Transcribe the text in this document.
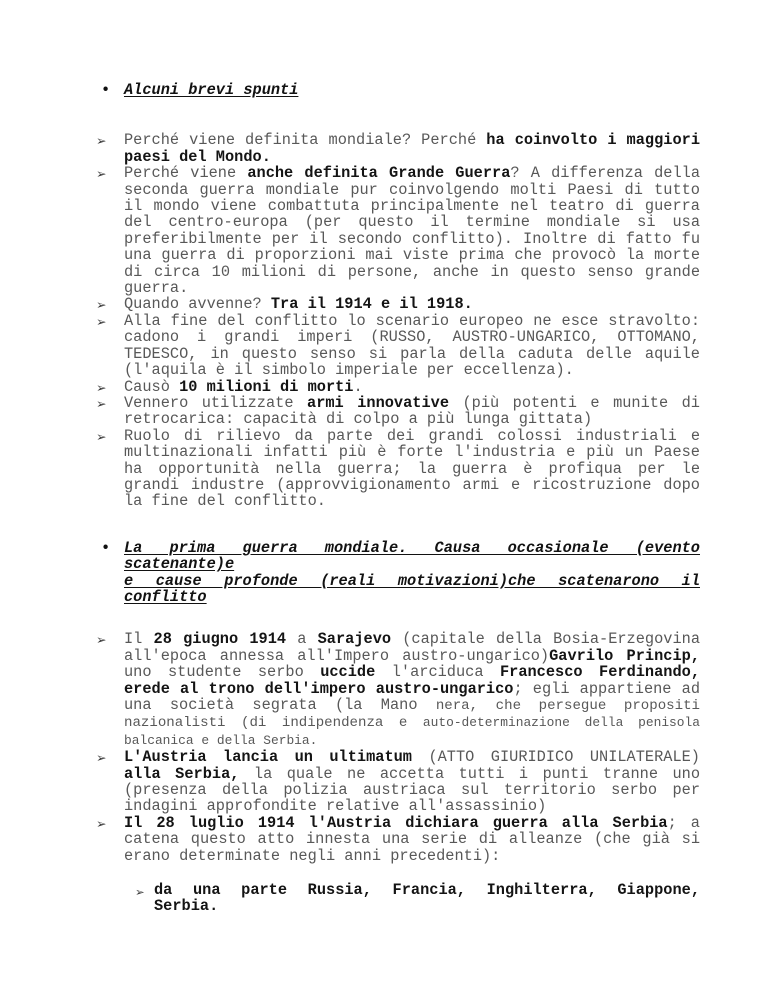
• Alcuni brevi spunti
➢ Perché viene definita mondiale? Perché ha coinvolto i maggiori paesi del Mondo.
➢ Perché viene anche definita Grande Guerra? A differenza della seconda guerra mondiale pur coinvolgendo molti Paesi di tutto il mondo viene combattuta principalmente nel teatro di guerra del centro-europa (per questo il termine mondiale si usa preferibilmente per il secondo conflitto). Inoltre di fatto fu una guerra di proporzioni mai viste prima che provocò la morte di circa 10 milioni di persone, anche in questo senso grande guerra.
➢ Quando avvenne? Tra il 1914 e il 1918.
➢ Alla fine del conflitto lo scenario europeo ne esce stravolto: cadono i grandi imperi (RUSSO, AUSTRO-UNGARICO, OTTOMANO, TEDESCO, in questo senso si parla della caduta delle aquile (l'aquila è il simbolo imperiale per eccellenza).
➢ Causò 10 milioni di morti.
➢ Vennero utilizzate armi innovative (più potenti e munite di retrocarica: capacità di colpo a più lunga gittata)
➢ Ruolo di rilievo da parte dei grandi colossi industriali e multinazionali infatti più è forte l'industria e più un Paese ha opportunità nella guerra; la guerra è profiqua per le grandi industre (approvvigionamento armi e ricostruzione dopo la fine del conflitto.
• La prima guerra mondiale. Causa occasionale (evento scatenante)e
e cause profonde (reali motivazioni)che scatenarono il conflitto
➢ Il 28 giugno 1914 a Sarajevo (capitale della Bosia-Erzegovina all'epoca annessa all'Impero austro-ungarico)Gavrilo Princip, uno studente serbo uccide l'arciduca Francesco Ferdinando, erede al trono dell'impero austro-ungarico; egli appartiene ad una società segrata (la Mano nera, che persegue propositi nazionalisti (di indipendenza e auto-determinazione della penisola balcanica e della Serbia.
➢ L'Austria lancia un ultimatum (ATTO GIURIDICO UNILATERALE) alla Serbia, la quale ne accetta tutti i punti tranne uno (presenza della polizia austriaca sul territorio serbo per indagini approfondite relative all'assassinio)
➢ Il 28 luglio 1914 l'Austria dichiara guerra alla Serbia; a catena questo atto innesta una serie di alleanze (che già si erano determinate negli anni precedenti):
➢ da una parte Russia, Francia, Inghilterra, Giappone, Serbia.
